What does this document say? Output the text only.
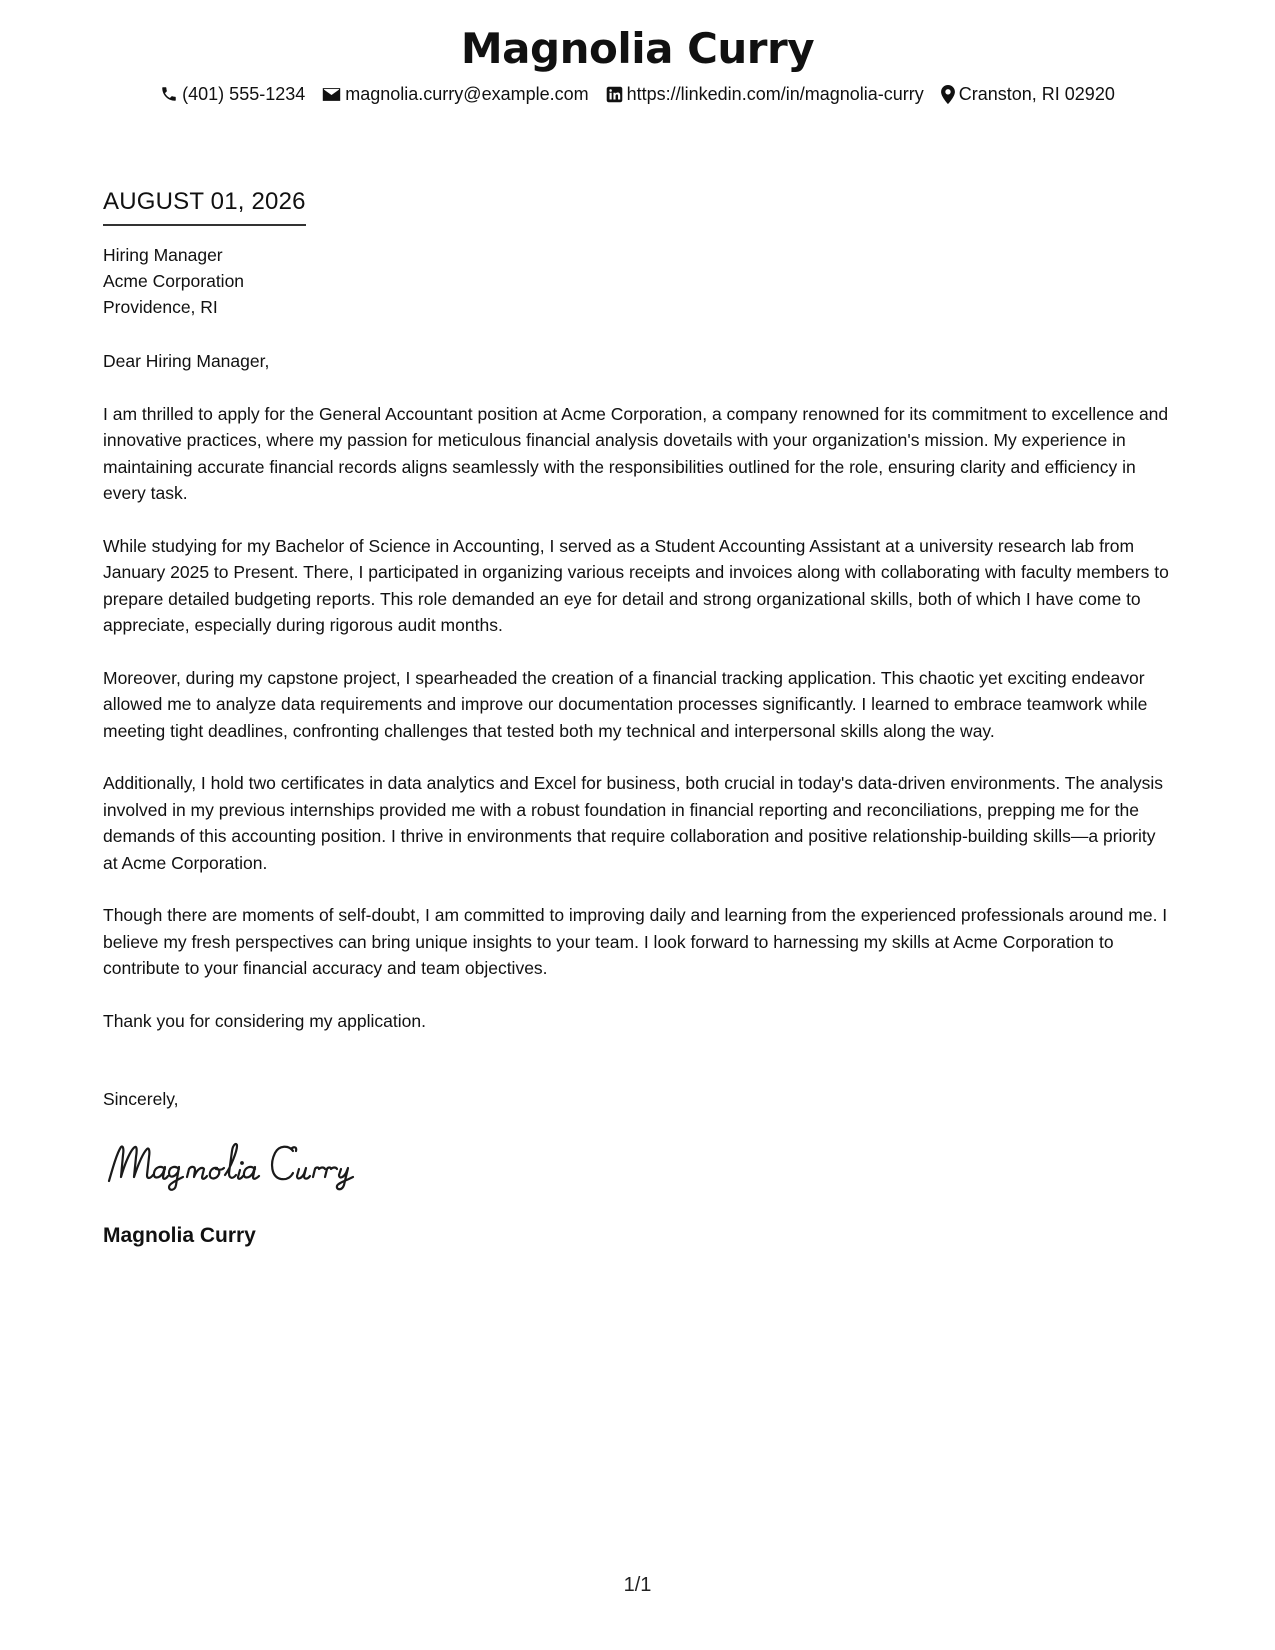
Magnolia Curry
(401) 555-1234 magnolia.curry@example.com https://linkedin.com/in/magnolia-curry Cranston, RI 02920
AUGUST 01, 2026
Hiring Manager
Acme Corporation
Providence, RI
Dear Hiring Manager,

I am thrilled to apply for the General Accountant position at Acme Corporation, a company renowned for its commitment to excellence and innovative practices, where my passion for meticulous financial analysis dovetails with your organization's mission. My experience in maintaining accurate financial records aligns seamlessly with the responsibilities outlined for the role, ensuring clarity and efficiency in every task.

While studying for my Bachelor of Science in Accounting, I served as a Student Accounting Assistant at a university research lab from January 2025 to Present. There, I participated in organizing various receipts and invoices along with collaborating with faculty members to prepare detailed budgeting reports. This role demanded an eye for detail and strong organizational skills, both of which I have come to appreciate, especially during rigorous audit months.

Moreover, during my capstone project, I spearheaded the creation of a financial tracking application. This chaotic yet exciting endeavor allowed me to analyze data requirements and improve our documentation processes significantly. I learned to embrace teamwork while meeting tight deadlines, confronting challenges that tested both my technical and interpersonal skills along the way.

Additionally, I hold two certificates in data analytics and Excel for business, both crucial in today's data-driven environments. The analysis involved in my previous internships provided me with a robust foundation in financial reporting and reconciliations, prepping me for the demands of this accounting position. I thrive in environments that require collaboration and positive relationship-building skills—a priority at Acme Corporation.

Though there are moments of self-doubt, I am committed to improving daily and learning from the experienced professionals around me. I believe my fresh perspectives can bring unique insights to your team. I look forward to harnessing my skills at Acme Corporation to contribute to your financial accuracy and team objectives.

Thank you for considering my application.

Sincerely,
Magnolia Curry
1/1
